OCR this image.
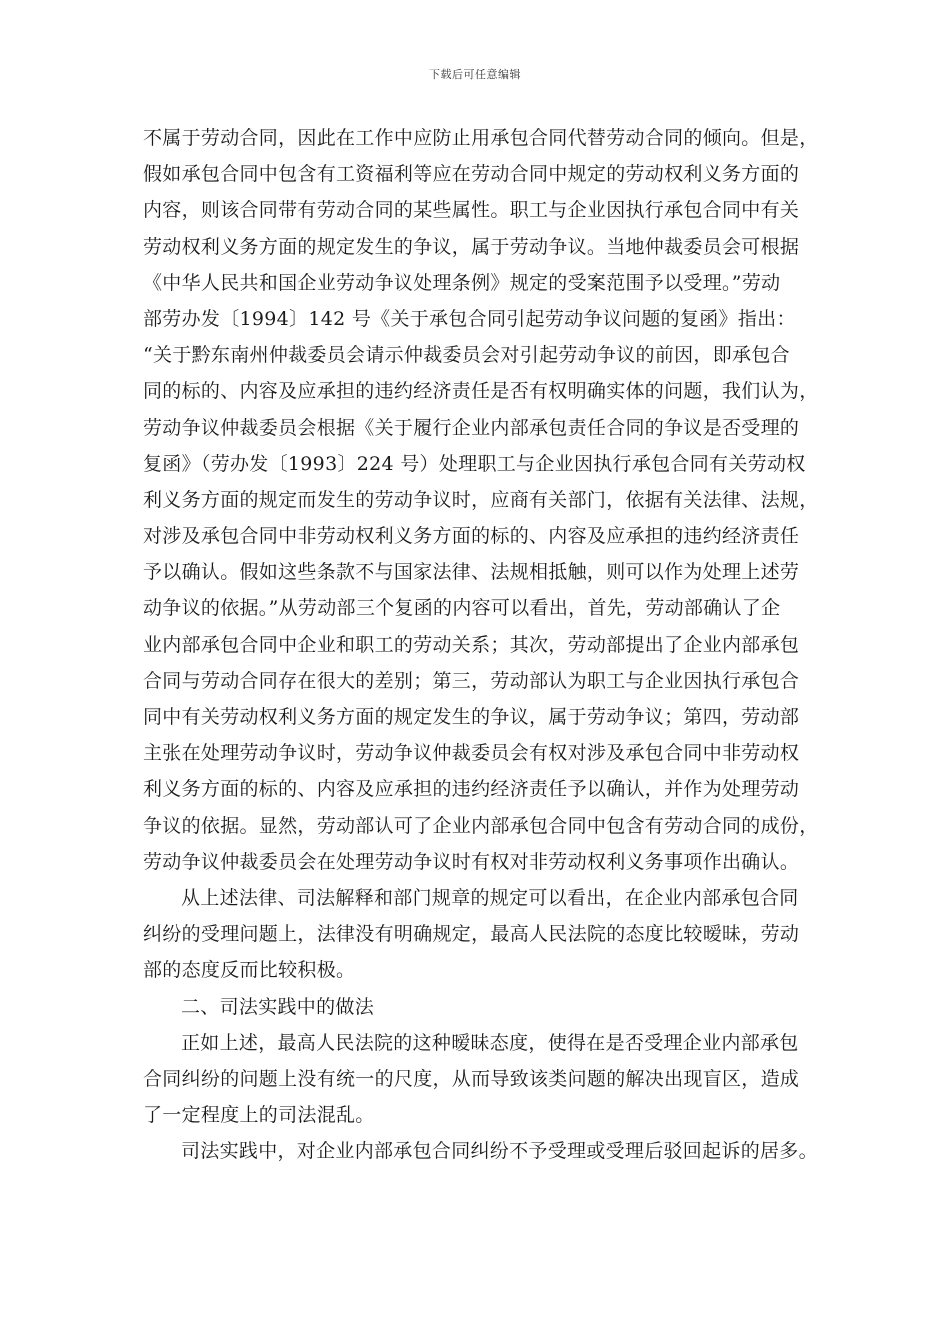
下载后可任意编辑
不属于劳动合同，因此在工作中应防止用承包合同代替劳动合同的倾向。但是，
假如承包合同中包含有工资福利等应在劳动合同中规定的劳动权利义务方面的
内容，则该合同带有劳动合同的某些属性。职工与企业因执行承包合同中有关
劳动权利义务方面的规定发生的争议，属于劳动争议。当地仲裁委员会可根据
《中华人民共和国企业劳动争议处理条例》规定的受案范围予以受理。”劳动
部劳办发〔1994〕142 号《关于承包合同引起劳动争议问题的复函》指出：
“关于黔东南州仲裁委员会请示仲裁委员会对引起劳动争议的前因，即承包合
同的标的、内容及应承担的违约经济责任是否有权明确实体的问题，我们认为，
劳动争议仲裁委员会根据《关于履行企业内部承包责任合同的争议是否受理的
复函》（劳办发〔1993〕224 号）处理职工与企业因执行承包合同有关劳动权
利义务方面的规定而发生的劳动争议时，应商有关部门，依据有关法律、法规，
对涉及承包合同中非劳动权利义务方面的标的、内容及应承担的违约经济责任
予以确认。假如这些条款不与国家法律、法规相抵触，则可以作为处理上述劳
动争议的依据。”从劳动部三个复函的内容可以看出，首先，劳动部确认了企
业内部承包合同中企业和职工的劳动关系；其次，劳动部提出了企业内部承包
合同与劳动合同存在很大的差别；第三，劳动部认为职工与企业因执行承包合
同中有关劳动权利义务方面的规定发生的争议，属于劳动争议；第四，劳动部
主张在处理劳动争议时，劳动争议仲裁委员会有权对涉及承包合同中非劳动权
利义务方面的标的、内容及应承担的违约经济责任予以确认，并作为处理劳动
争议的依据。显然，劳动部认可了企业内部承包合同中包含有劳动合同的成份，
劳动争议仲裁委员会在处理劳动争议时有权对非劳动权利义务事项作出确认。
从上述法律、司法解释和部门规章的规定可以看出，在企业内部承包合同
纠纷的受理问题上，法律没有明确规定，最高人民法院的态度比较暧昧，劳动
部的态度反而比较积极。
二、司法实践中的做法
正如上述，最高人民法院的这种暧昧态度，使得在是否受理企业内部承包
合同纠纷的问题上没有统一的尺度，从而导致该类问题的解决出现盲区，造成
了一定程度上的司法混乱。
司法实践中，对企业内部承包合同纠纷不予受理或受理后驳回起诉的居多。
